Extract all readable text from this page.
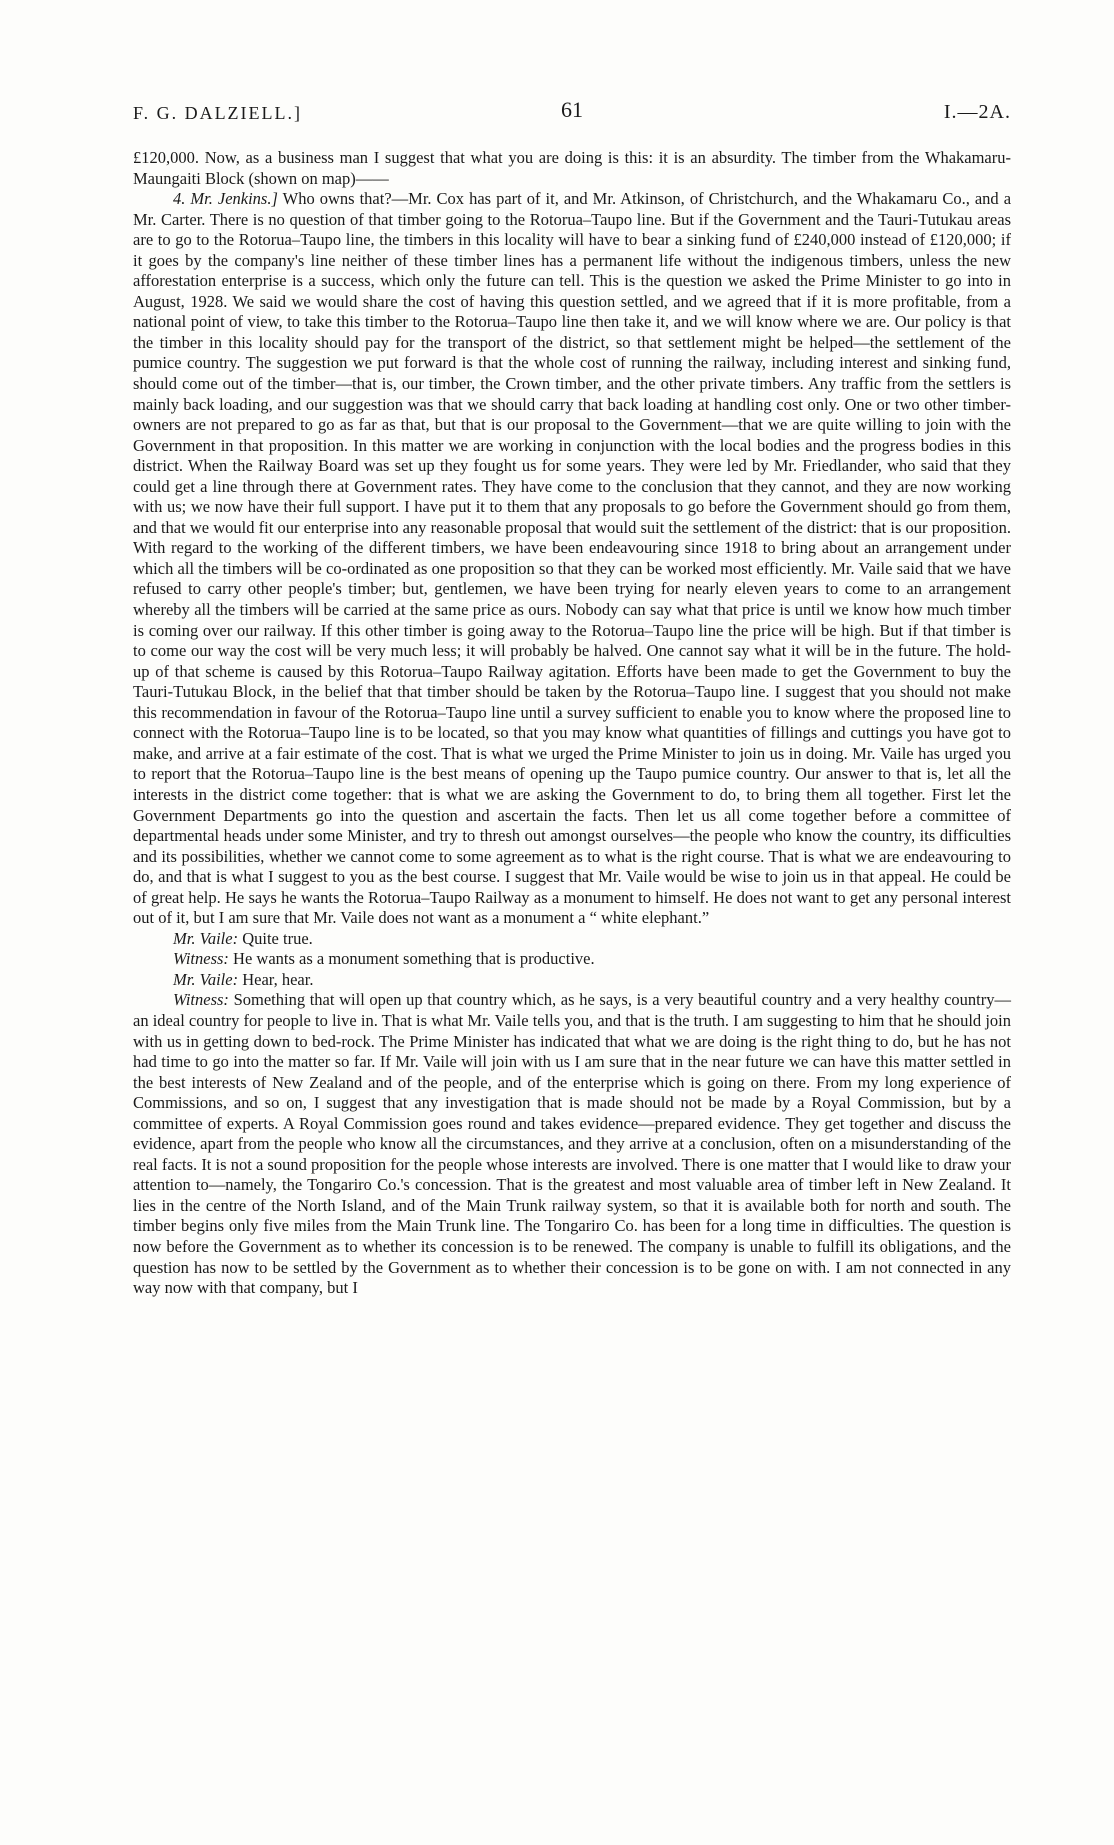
F. G. DALZIELL.]	61	I.—2A.

£120,000. Now, as a business man I suggest that what you are doing is this: it is an absurdity. The timber from the Whakamaru-Maungaiti Block (shown on map)——

4. Mr. Jenkins.] Who owns that?—Mr. Cox has part of it, and Mr. Atkinson, of Christchurch, and the Whakamaru Co., and a Mr. Carter. There is no question of that timber going to the Rotorua–Taupo line. But if the Government and the Tauri-Tutukau areas are to go to the Rotorua–Taupo line, the timbers in this locality will have to bear a sinking fund of £240,000 instead of £120,000; if it goes by the company's line neither of these timber lines has a permanent life without the indigenous timbers, unless the new afforestation enterprise is a success, which only the future can tell. This is the question we asked the Prime Minister to go into in August, 1928. We said we would share the cost of having this question settled, and we agreed that if it is more profitable, from a national point of view, to take this timber to the Rotorua–Taupo line then take it, and we will know where we are. Our policy is that the timber in this locality should pay for the transport of the district, so that settlement might be helped—the settlement of the pumice country. The suggestion we put forward is that the whole cost of running the railway, including interest and sinking fund, should come out of the timber—that is, our timber, the Crown timber, and the other private timbers. Any traffic from the settlers is mainly back loading, and our suggestion was that we should carry that back loading at handling cost only. One or two other timber-owners are not prepared to go as far as that, but that is our proposal to the Government—that we are quite willing to join with the Government in that proposition. In this matter we are working in conjunction with the local bodies and the progress bodies in this district. When the Railway Board was set up they fought us for some years. They were led by Mr. Friedlander, who said that they could get a line through there at Government rates. They have come to the conclusion that they cannot, and they are now working with us; we now have their full support. I have put it to them that any proposals to go before the Government should go from them, and that we would fit our enterprise into any reasonable proposal that would suit the settlement of the district: that is our proposition. With regard to the working of the different timbers, we have been endeavouring since 1918 to bring about an arrangement under which all the timbers will be co-ordinated as one proposition so that they can be worked most efficiently. Mr. Vaile said that we have refused to carry other people's timber; but, gentlemen, we have been trying for nearly eleven years to come to an arrangement whereby all the timbers will be carried at the same price as ours. Nobody can say what that price is until we know how much timber is coming over our railway. If this other timber is going away to the Rotorua–Taupo line the price will be high. But if that timber is to come our way the cost will be very much less; it will probably be halved. One cannot say what it will be in the future. The hold-up of that scheme is caused by this Rotorua–Taupo Railway agitation. Efforts have been made to get the Government to buy the Tauri-Tutukau Block, in the belief that that timber should be taken by the Rotorua–Taupo line. I suggest that you should not make this recommendation in favour of the Rotorua–Taupo line until a survey sufficient to enable you to know where the proposed line to connect with the Rotorua–Taupo line is to be located, so that you may know what quantities of fillings and cuttings you have got to make, and arrive at a fair estimate of the cost. That is what we urged the Prime Minister to join us in doing. Mr. Vaile has urged you to report that the Rotorua–Taupo line is the best means of opening up the Taupo pumice country. Our answer to that is, let all the interests in the district come together: that is what we are asking the Government to do, to bring them all together. First let the Government Departments go into the question and ascertain the facts. Then let us all come together before a committee of departmental heads under some Minister, and try to thresh out amongst ourselves—the people who know the country, its difficulties and its possibilities, whether we cannot come to some agreement as to what is the right course. That is what we are endeavouring to do, and that is what I suggest to you as the best course. I suggest that Mr. Vaile would be wise to join us in that appeal. He could be of great help. He says he wants the Rotorua–Taupo Railway as a monument to himself. He does not want to get any personal interest out of it, but I am sure that Mr. Vaile does not want as a monument a “ white elephant.”

Mr. Vaile: Quite true.

Witness: He wants as a monument something that is productive.

Mr. Vaile: Hear, hear.

Witness: Something that will open up that country which, as he says, is a very beautiful country and a very healthy country—an ideal country for people to live in. That is what Mr. Vaile tells you, and that is the truth. I am suggesting to him that he should join with us in getting down to bed-rock. The Prime Minister has indicated that what we are doing is the right thing to do, but he has not had time to go into the matter so far. If Mr. Vaile will join with us I am sure that in the near future we can have this matter settled in the best interests of New Zealand and of the people, and of the enterprise which is going on there. From my long experience of Commissions, and so on, I suggest that any investigation that is made should not be made by a Royal Commission, but by a committee of experts. A Royal Commission goes round and takes evidence—prepared evidence. They get together and discuss the evidence, apart from the people who know all the circumstances, and they arrive at a conclusion, often on a misunderstanding of the real facts. It is not a sound proposition for the people whose interests are involved. There is one matter that I would like to draw your attention to—namely, the Tongariro Co.'s concession. That is the greatest and most valuable area of timber left in New Zealand. It lies in the centre of the North Island, and of the Main Trunk railway system, so that it is available both for north and south. The timber begins only five miles from the Main Trunk line. The Tongariro Co. has been for a long time in difficulties. The question is now before the Government as to whether its concession is to be renewed. The company is unable to fulfill its obligations, and the question has now to be settled by the Government as to whether their concession is to be gone on with. I am not connected in any way now with that company, but I
